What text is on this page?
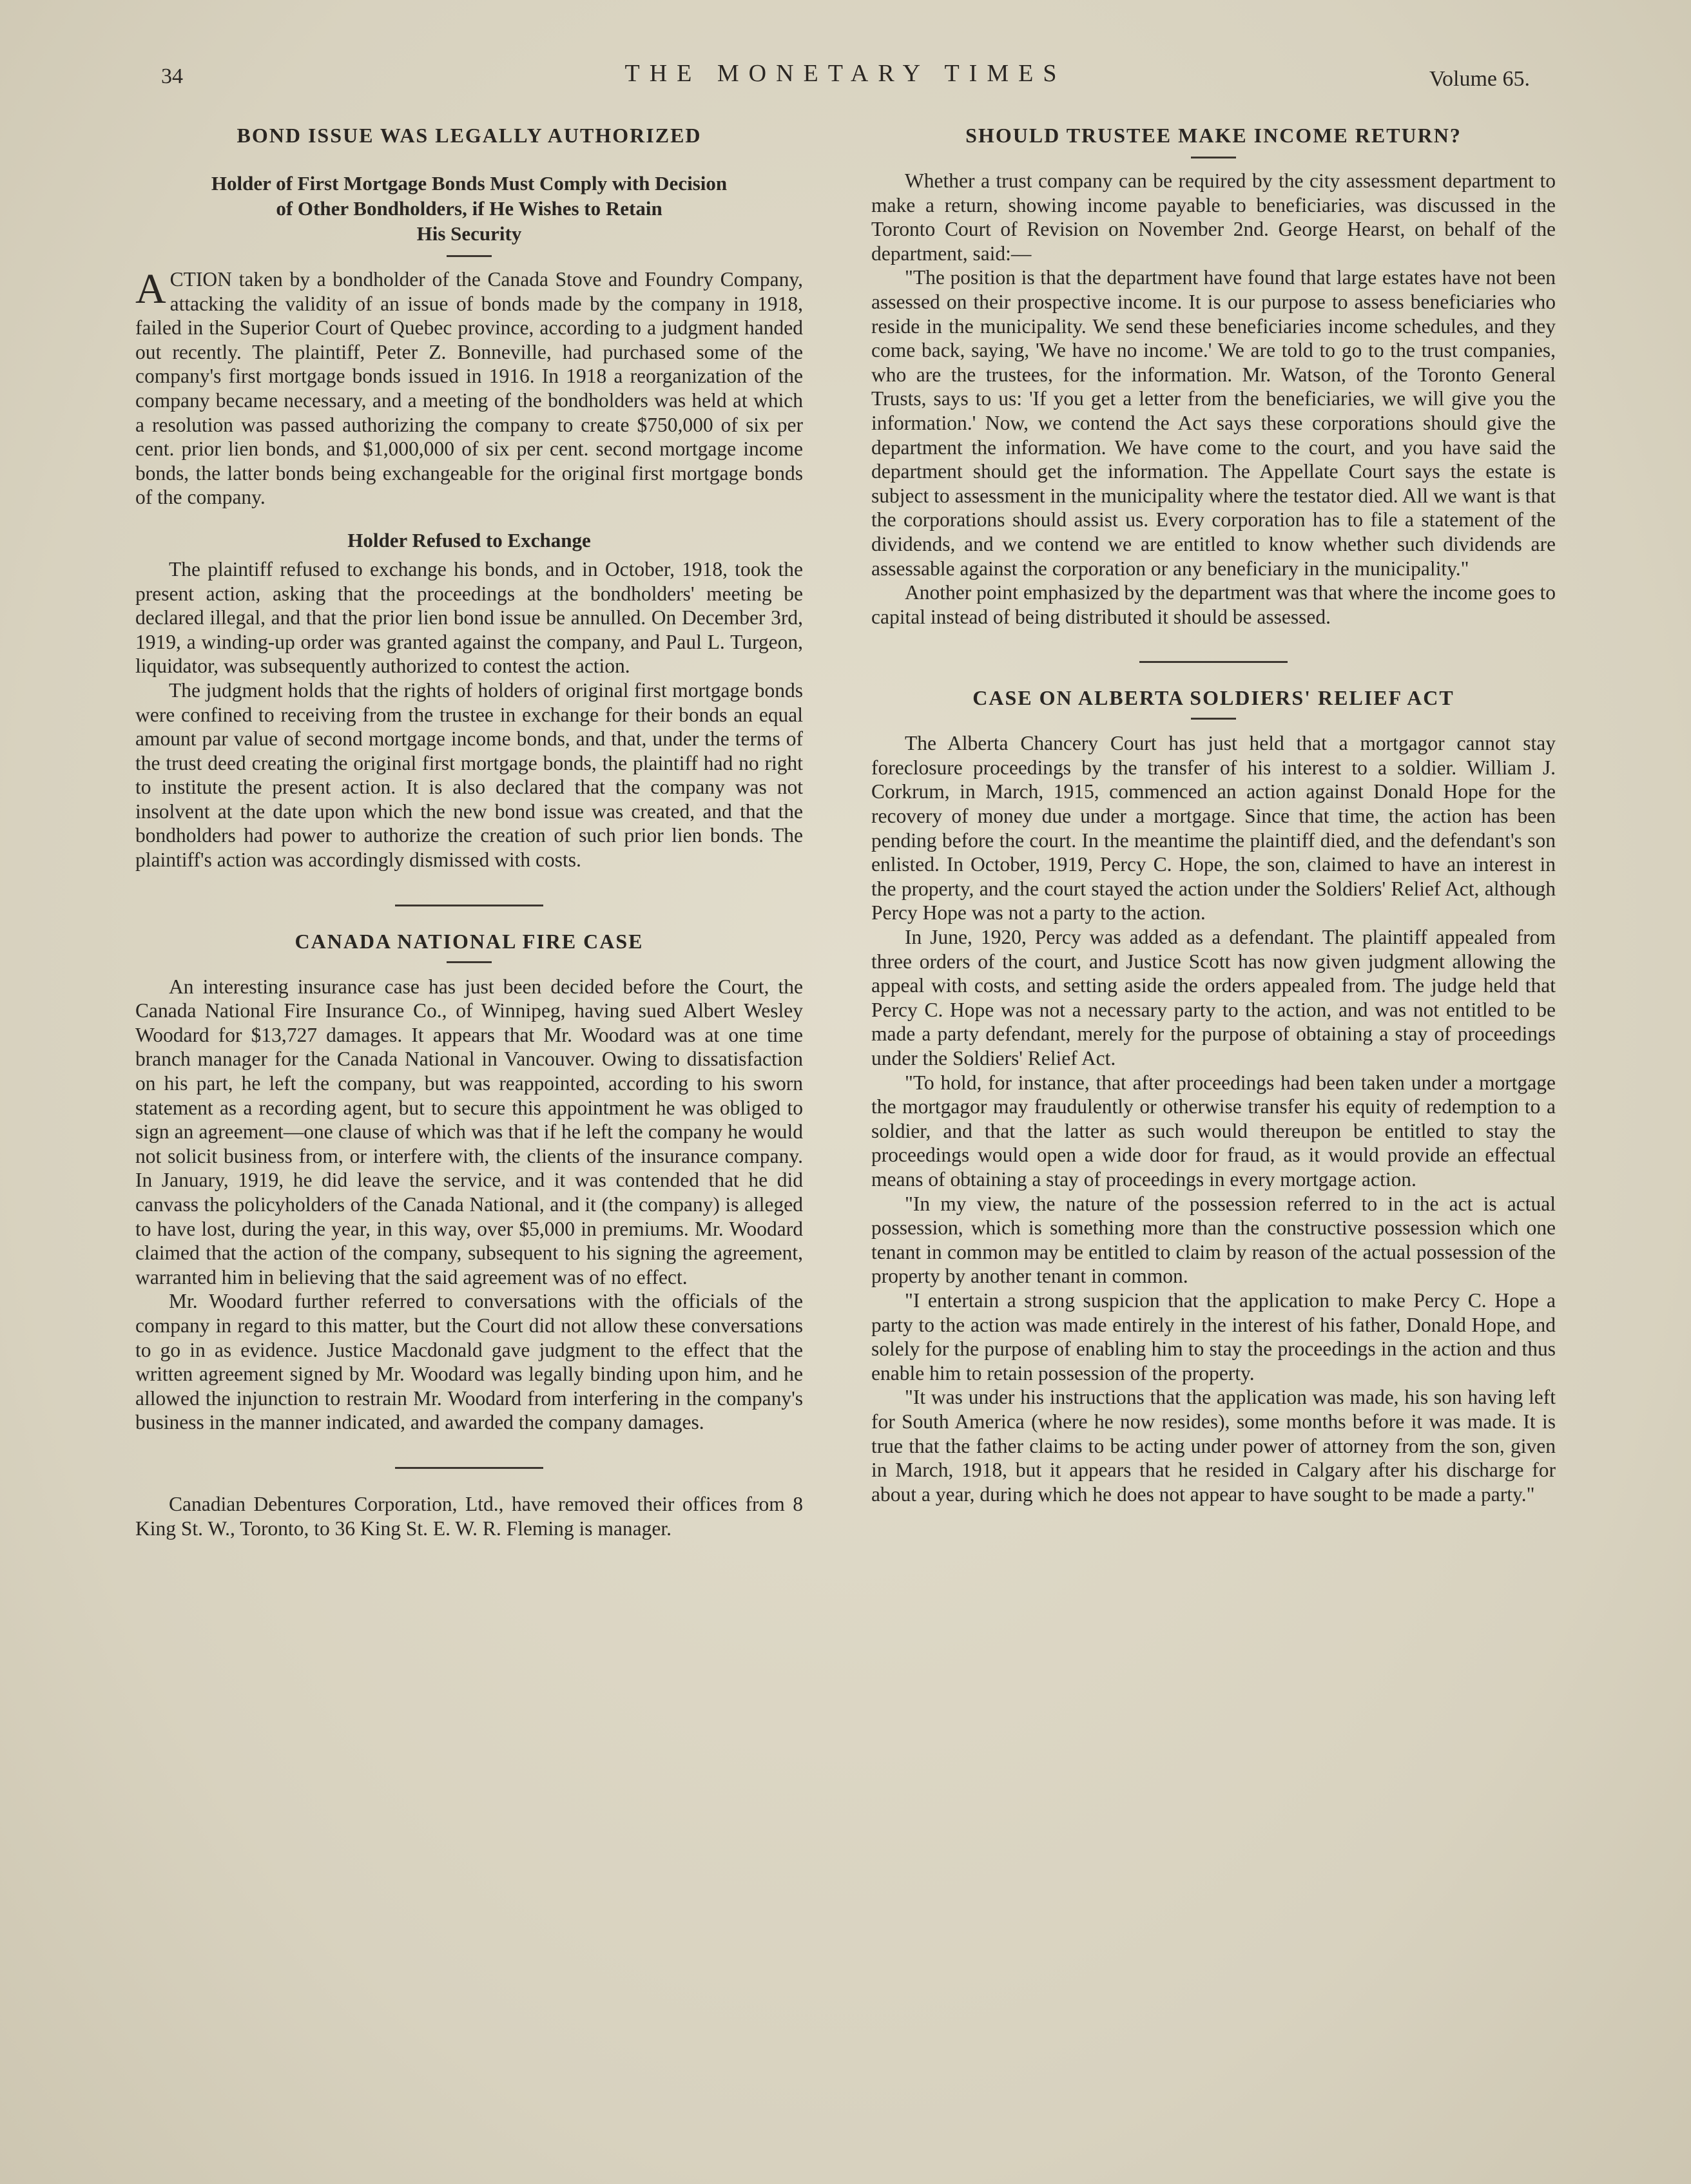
34	THE MONETARY TIMES	Volume 65.
BOND ISSUE WAS LEGALLY AUTHORIZED
Holder of First Mortgage Bonds Must Comply with Decision
of Other Bondholders, if He Wishes to Retain
His Security

ACTION taken by a bondholder of the Canada Stove and Foundry Company, attacking the validity of an issue of bonds made by the company in 1918, failed in the Superior Court of Quebec province, according to a judgment handed out recently. The plaintiff, Peter Z. Bonneville, had purchased some of the company's first mortgage bonds issued in 1916. In 1918 a reorganization of the company became necessary, and a meeting of the bondholders was held at which a resolution was passed authorizing the company to create $750,000 of six per cent. prior lien bonds, and $1,000,000 of six per cent. second mortgage income bonds, the latter bonds being exchangeable for the original first mortgage bonds of the company.

Holder Refused to Exchange

The plaintiff refused to exchange his bonds, and in October, 1918, took the present action, asking that the proceedings at the bondholders' meeting be declared illegal, and that the prior lien bond issue be annulled. On December 3rd, 1919, a winding-up order was granted against the company, and Paul L. Turgeon, liquidator, was subsequently authorized to contest the action.

The judgment holds that the rights of holders of original first mortgage bonds were confined to receiving from the trustee in exchange for their bonds an equal amount par value of second mortgage income bonds, and that, under the terms of the trust deed creating the original first mortgage bonds, the plaintiff had no right to institute the present action. It is also declared that the company was not insolvent at the date upon which the new bond issue was created, and that the bondholders had power to authorize the creation of such prior lien bonds. The plaintiff's action was accordingly dismissed with costs.

CANADA NATIONAL FIRE CASE

An interesting insurance case has just been decided before the Court, the Canada National Fire Insurance Co., of Winnipeg, having sued Albert Wesley Woodard for $13,727 damages. It appears that Mr. Woodard was at one time branch manager for the Canada National in Vancouver. Owing to dissatisfaction on his part, he left the company, but was reappointed, according to his sworn statement as a recording agent, but to secure this appointment he was obliged to sign an agreement—one clause of which was that if he left the company he would not solicit business from, or interfere with, the clients of the insurance company. In January, 1919, he did leave the service, and it was contended that he did canvass the policyholders of the Canada National, and it (the company) is alleged to have lost, during the year, in this way, over $5,000 in premiums. Mr. Woodard claimed that the action of the company, subsequent to his signing the agreement, warranted him in believing that the said agreement was of no effect.

Mr. Woodard further referred to conversations with the officials of the company in regard to this matter, but the Court did not allow these conversations to go in as evidence. Justice Macdonald gave judgment to the effect that the written agreement signed by Mr. Woodard was legally binding upon him, and he allowed the injunction to restrain Mr. Woodard from interfering in the company's business in the manner indicated, and awarded the company damages.

Canadian Debentures Corporation, Ltd., have removed their offices from 8 King St. W., Toronto, to 36 King St. E. W. R. Fleming is manager.

SHOULD TRUSTEE MAKE INCOME RETURN?

Whether a trust company can be required by the city assessment department to make a return, showing income payable to beneficiaries, was discussed in the Toronto Court of Revision on November 2nd. George Hearst, on behalf of the department, said:—

"The position is that the department have found that large estates have not been assessed on their prospective income. It is our purpose to assess beneficiaries who reside in the municipality. We send these beneficiaries income schedules, and they come back, saying, 'We have no income.' We are told to go to the trust companies, who are the trustees, for the information. Mr. Watson, of the Toronto General Trusts, says to us: 'If you get a letter from the beneficiaries, we will give you the information.' Now, we contend the Act says these corporations should give the department the information. We have come to the court, and you have said the department should get the information. The Appellate Court says the estate is subject to assessment in the municipality where the testator died. All we want is that the corporations should assist us. Every corporation has to file a statement of the dividends, and we contend we are entitled to know whether such dividends are assessable against the corporation or any beneficiary in the municipality."

Another point emphasized by the department was that where the income goes to capital instead of being distributed it should be assessed.

CASE ON ALBERTA SOLDIERS' RELIEF ACT

The Alberta Chancery Court has just held that a mortgagor cannot stay foreclosure proceedings by the transfer of his interest to a soldier. William J. Corkrum, in March, 1915, commenced an action against Donald Hope for the recovery of money due under a mortgage. Since that time, the action has been pending before the court. In the meantime the plaintiff died, and the defendant's son enlisted. In October, 1919, Percy C. Hope, the son, claimed to have an interest in the property, and the court stayed the action under the Soldiers' Relief Act, although Percy Hope was not a party to the action.

In June, 1920, Percy was added as a defendant. The plaintiff appealed from three orders of the court, and Justice Scott has now given judgment allowing the appeal with costs, and setting aside the orders appealed from. The judge held that Percy C. Hope was not a necessary party to the action, and was not entitled to be made a party defendant, merely for the purpose of obtaining a stay of proceedings under the Soldiers' Relief Act.

"To hold, for instance, that after proceedings had been taken under a mortgage the mortgagor may fraudulently or otherwise transfer his equity of redemption to a soldier, and that the latter as such would thereupon be entitled to stay the proceedings would open a wide door for fraud, as it would provide an effectual means of obtaining a stay of proceedings in every mortgage action.

"In my view, the nature of the possession referred to in the act is actual possession, which is something more than the constructive possession which one tenant in common may be entitled to claim by reason of the actual possession of the property by another tenant in common.

"I entertain a strong suspicion that the application to make Percy C. Hope a party to the action was made entirely in the interest of his father, Donald Hope, and solely for the purpose of enabling him to stay the proceedings in the action and thus enable him to retain possession of the property.

"It was under his instructions that the application was made, his son having left for South America (where he now resides), some months before it was made. It is true that the father claims to be acting under power of attorney from the son, given in March, 1918, but it appears that he resided in Calgary after his discharge for about a year, during which he does not appear to have sought to be made a party."
